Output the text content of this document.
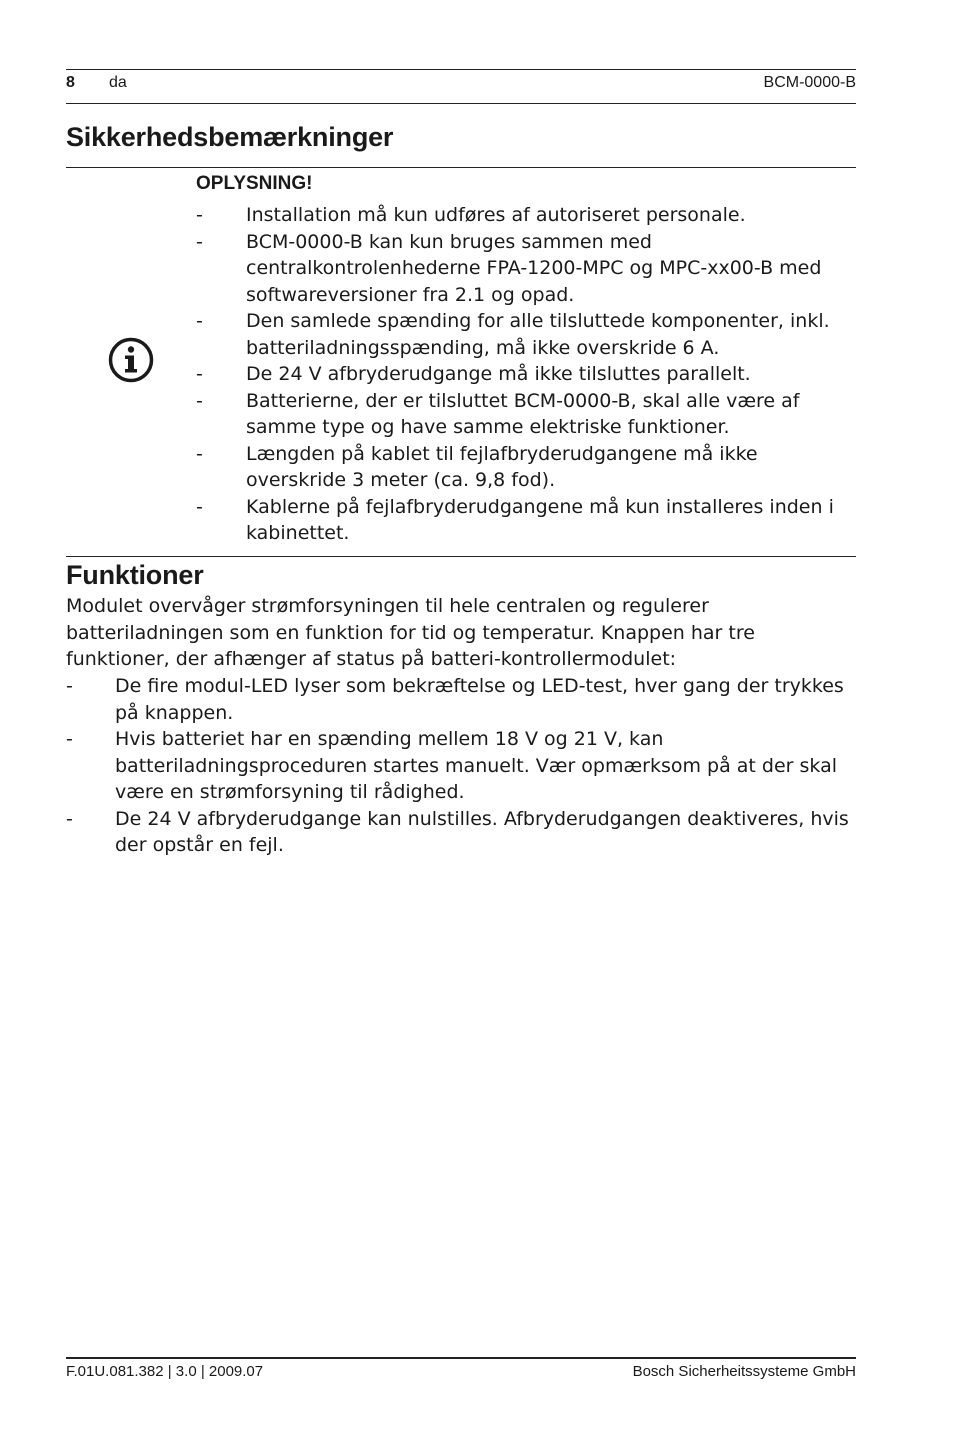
8 da	BCM-0000-B
Sikkerhedsbemærkninger
OPLYSNING!
- Installation må kun udføres af autoriseret personale.
- BCM-0000-B kan kun bruges sammen med centralkontrolenhederne FPA-1200-MPC og MPC-xx00-B med softwareversioner fra 2.1 og opad.
- Den samlede spænding for alle tilsluttede komponenter, inkl. batteriladningsspænding, må ikke overskride 6 A.
- De 24 V afbryderudgange må ikke tilsluttes parallelt.
- Batterierne, der er tilsluttet BCM-0000-B, skal alle være af samme type og have samme elektriske funktioner.
- Længden på kablet til fejlafbryderudgangene må ikke overskride 3 meter (ca. 9,8 fod).
- Kablerne på fejlafbryderudgangene må kun installeres inden i kabinettet.
Funktioner

Modulet overvåger strømforsyningen til hele centralen og regulerer batteriladningen som en funktion for tid og temperatur. Knappen har tre funktioner, der afhænger af status på batteri-kontrollermodulet:

- De fire modul-LED lyser som bekræftelse og LED-test, hver gang der trykkes på knappen.
- Hvis batteriet har en spænding mellem 18 V og 21 V, kan batteriladningsproceduren startes manuelt. Vær opmærksom på at der skal være en strømforsyning til rådighed.
- De 24 V afbryderudgange kan nulstilles. Afbryderudgangen deaktiveres, hvis der opstår en fejl.
F.01U.081.382 | 3.0 | 2009.07	Bosch Sicherheitssysteme GmbH
